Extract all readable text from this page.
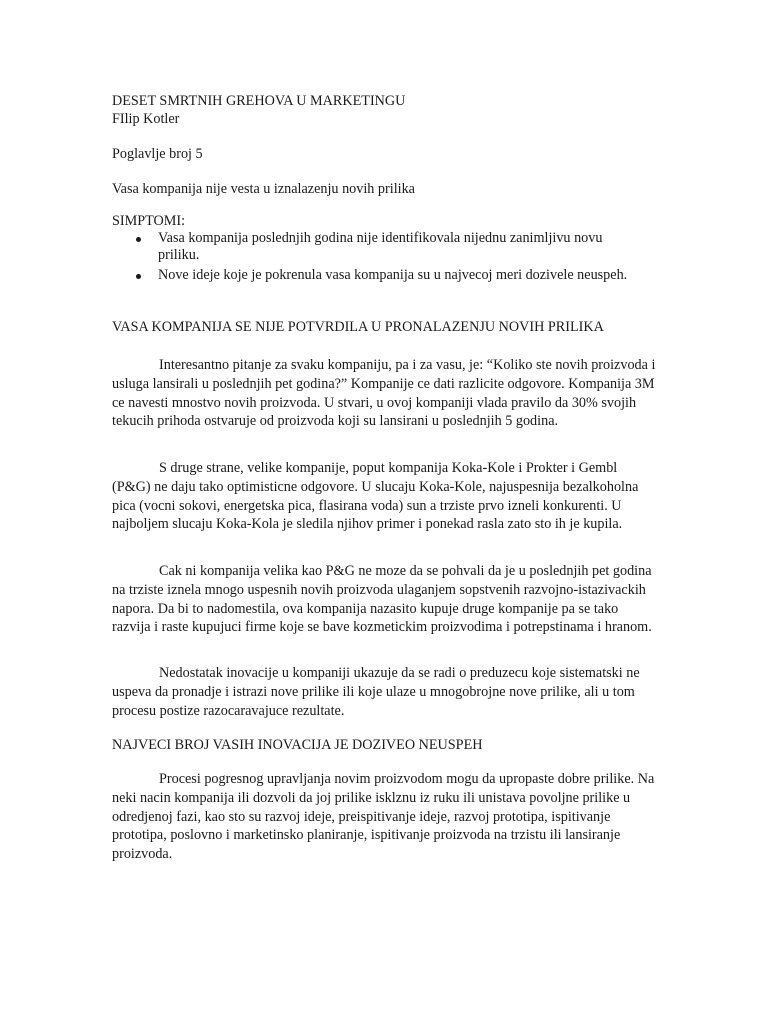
DESET SMRTNIH GREHOVA U MARKETINGU

FIlip Kotler

Poglavlje broj 5

Vasa kompanija nije vesta u iznalazenju novih prilika

SIMPTOMI:

Vasa kompanija poslednjih godina nije identifikovala nijednu zanimljivu novu priliku.
Nove ideje koje je pokrenula vasa kompanija su u najvecoj meri dozivele neuspeh.

VASA KOMPANIJA SE NIJE POTVRDILA U PRONALAZENJU NOVIH PRILIKA

Interesantno pitanje za svaku kompaniju, pa i za vasu, je: “Koliko ste novih proizvoda i usluga lansirali u poslednjih pet godina?” Kompanije ce dati razlicite odgovore. Kompanija 3M ce navesti mnostvo novih proizvoda. U stvari, u ovoj kompaniji vlada pravilo da 30% svojih tekucih prihoda ostvaruje od proizvoda koji su lansirani u poslednjih 5 godina.

S druge strane, velike kompanije, poput kompanija Koka-Kole i Prokter i Gembl (P&G) ne daju tako optimisticne odgovore. U slucaju Koka-Kole, najuspesnija bezalkoholna pica (vocni sokovi, energetska pica, flasirana voda) sun a trziste prvo izneli konkurenti. U najboljem slucaju Koka-Kola je sledila njihov primer i ponekad rasla zato sto ih je kupila.

Cak ni kompanija velika kao P&G ne moze da se pohvali da je u poslednjih pet godina na trziste iznela mnogo uspesnih novih proizvoda ulaganjem sopstvenih razvojno-istazivackih napora. Da bi to nadomestila, ova kompanija nazasito kupuje druge kompanije pa se tako razvija i raste kupujuci firme koje se bave kozmetickim proizvodima i potrepstinama i hranom.

Nedostatak inovacije u kompaniji ukazuje da se radi o preduzecu koje sistematski ne uspeva da pronadje i istrazi nove prilike ili koje ulaze u mnogobrojne nove prilike, ali u tom procesu postize razocaravajuce rezultate.

NAJVECI BROJ VASIH INOVACIJA JE DOZIVEO NEUSPEH

Procesi pogresnog upravljanja novim proizvodom mogu da upropaste dobre prilike. Na neki nacin kompanija ili dozvoli da joj prilike isklznu iz ruku ili unistava povoljne prilike u odredjenoj fazi, kao sto su razvoj ideje, preispitivanje ideje, razvoj prototipa, ispitivanje prototipa, poslovno i marketinsko planiranje, ispitivanje proizvoda na trzistu ili lansiranje proizvoda.
